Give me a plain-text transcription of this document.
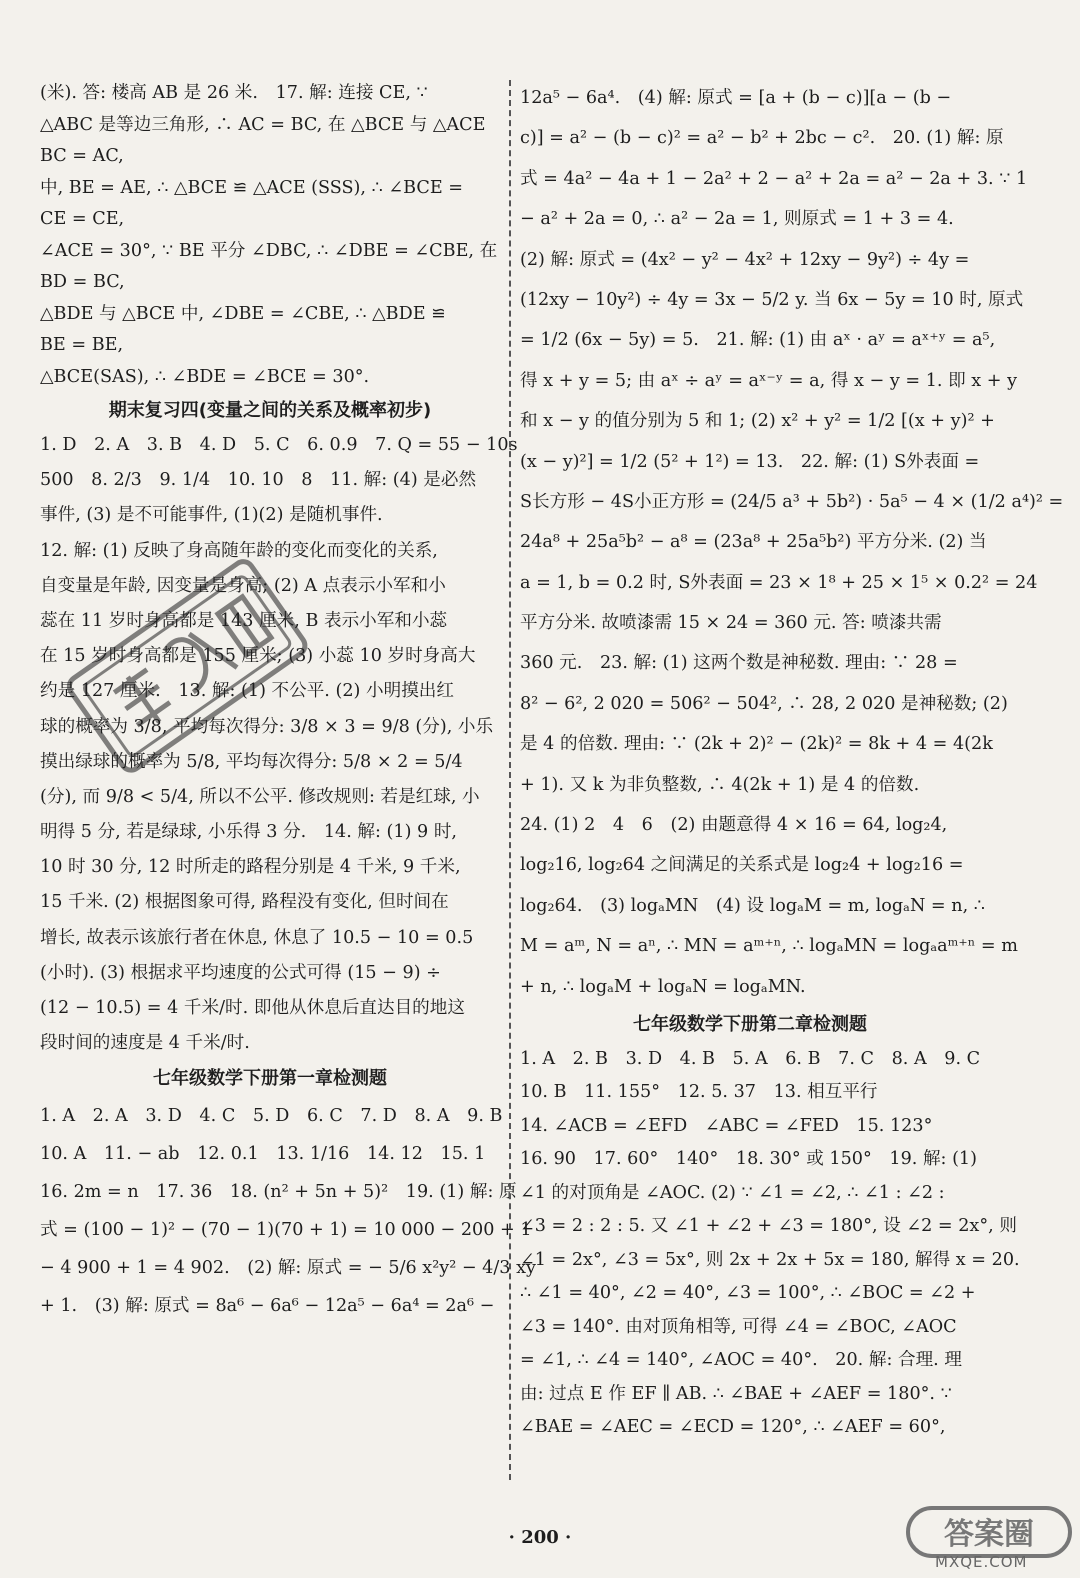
(米). 答: 楼高 AB 是 26 米.　17. 解: 连接 CE, ∵
△ABC 是等边三角形, ∴ AC = BC, 在 △BCE 与 △ACE
BC = AC,
中, BE = AE, ∴ △BCE ≌ △ACE (SSS), ∴ ∠BCE =
CE = CE,
∠ACE = 30°, ∵ BE 平分 ∠DBC, ∴ ∠DBE = ∠CBE, 在
BD = BC,
△BDE 与 △BCE 中, ∠DBE = ∠CBE, ∴ △BDE ≌
BE = BE,
△BCE(SAS), ∴ ∠BDE = ∠BCE = 30°.
期末复习四(变量之间的关系及概率初步)
1. D　2. A　3. B　4. D　5. C　6. 0.9　7. Q = 55 − 10s
500　8. 2/3　9. 1/4　10. 10　8　11. 解: (4) 是必然
事件, (3) 是不可能事件, (1)(2) 是随机事件.
12. 解: (1) 反映了身高随年龄的变化而变化的关系,
自变量是年龄, 因变量是身高; (2) A 点表示小军和小
蕊在 11 岁时身高都是 143 厘米, B 表示小军和小蕊
在 15 岁时身高都是 155 厘米; (3) 小蕊 10 岁时身高大
约是 127 厘米.　13. 解: (1) 不公平. (2) 小明摸出红
球的概率为 3/8, 平均每次得分: 3/8 × 3 = 9/8 (分), 小乐
摸出绿球的概率为 5/8, 平均每次得分: 5/8 × 2 = 5/4
(分), 而 9/8 < 5/4, 所以不公平. 修改规则: 若是红球, 小
明得 5 分, 若是绿球, 小乐得 3 分.　14. 解: (1) 9 时,
10 时 30 分, 12 时所走的路程分别是 4 千米, 9 千米,
15 千米. (2) 根据图象可得, 路程没有变化, 但时间在
增长, 故表示该旅行者在休息, 休息了 10.5 − 10 = 0.5
(小时). (3) 根据求平均速度的公式可得 (15 − 9) ÷
(12 − 10.5) = 4 千米/时. 即他从休息后直达目的地这
段时间的速度是 4 千米/时.
七年级数学下册第一章检测题
1. A　2. A　3. D　4. C　5. D　6. C　7. D　8. A　9. B
10. A　11. − ab　12. 0.1　13. 1/16　14. 12　15. 1
16. 2m = n　17. 36　18. (n² + 5n + 5)²　19. (1) 解: 原
式 = (100 − 1)² − (70 − 1)(70 + 1) = 10 000 − 200 + 1
− 4 900 + 1 = 4 902.　(2) 解: 原式 = − 5/6 x²y² − 4/3 xy
+ 1.　(3) 解: 原式 = 8a⁶ − 6a⁶ − 12a⁵ − 6a⁴ = 2a⁶ −
12a⁵ − 6a⁴.　(4) 解: 原式 = [a + (b − c)][a − (b −
c)] = a² − (b − c)² = a² − b² + 2bc − c².　20. (1) 解: 原
式 = 4a² − 4a + 1 − 2a² + 2 − a² + 2a = a² − 2a + 3. ∵ 1
− a² + 2a = 0, ∴ a² − 2a = 1, 则原式 = 1 + 3 = 4.
(2) 解: 原式 = (4x² − y² − 4x² + 12xy − 9y²) ÷ 4y =
(12xy − 10y²) ÷ 4y = 3x − 5/2 y. 当 6x − 5y = 10 时, 原式
= 1/2 (6x − 5y) = 5.　21. 解: (1) 由 aˣ · aʸ = aˣ⁺ʸ = a⁵,
得 x + y = 5; 由 aˣ ÷ aʸ = aˣ⁻ʸ = a, 得 x − y = 1. 即 x + y
和 x − y 的值分别为 5 和 1; (2) x² + y² = 1/2 [(x + y)² +
(x − y)²] = 1/2 (5² + 1²) = 13.　22. 解: (1) S外表面 =
S长方形 − 4S小正方形 = (24/5 a³ + 5b²) · 5a⁵ − 4 × (1/2 a⁴)² =
24a⁸ + 25a⁵b² − a⁸ = (23a⁸ + 25a⁵b²) 平方分米. (2) 当
a = 1, b = 0.2 时, S外表面 = 23 × 1⁸ + 25 × 1⁵ × 0.2² = 24
平方分米. 故喷漆需 15 × 24 = 360 元. 答: 喷漆共需
360 元.　23. 解: (1) 这两个数是神秘数. 理由: ∵ 28 =
8² − 6², 2 020 = 506² − 504², ∴ 28, 2 020 是神秘数; (2)
是 4 的倍数. 理由: ∵ (2k + 2)² − (2k)² = 8k + 4 = 4(2k
+ 1). 又 k 为非负整数, ∴ 4(2k + 1) 是 4 的倍数.
24. (1) 2　4　6　(2) 由题意得 4 × 16 = 64, log₂4,
log₂16, log₂64 之间满足的关系式是 log₂4 + log₂16 =
log₂64.　(3) logₐMN　(4) 设 logₐM = m, logₐN = n, ∴
M = aᵐ, N = aⁿ, ∴ MN = aᵐ⁺ⁿ, ∴ logₐMN = logₐaᵐ⁺ⁿ = m
+ n, ∴ logₐM + logₐN = logₐMN.
七年级数学下册第二章检测题
1. A　2. B　3. D　4. B　5. A　6. B　7. C　8. A　9. C
10. B　11. 155°　12. 5. 37　13. 相互平行
14. ∠ACB = ∠EFD　∠ABC = ∠FED　15. 123°
16. 90　17. 60°　140°　18. 30° 或 150°　19. 解: (1)
∠1 的对顶角是 ∠AOC. (2) ∵ ∠1 = ∠2, ∴ ∠1 : ∠2 :
∠3 = 2 : 2 : 5. 又 ∠1 + ∠2 + ∠3 = 180°, 设 ∠2 = 2x°, 则
∠1 = 2x°, ∠3 = 5x°, 则 2x + 2x + 5x = 180, 解得 x = 20.
∴ ∠1 = 40°, ∠2 = 40°, ∠3 = 100°, ∴ ∠BOC = ∠2 +
∠3 = 140°. 由对顶角相等, 可得 ∠4 = ∠BOC, ∠AOC
= ∠1, ∴ ∠4 = 140°, ∠AOC = 40°.　20. 解: 合理. 理
由: 过点 E 作 EF ∥ AB. ∴ ∠BAE + ∠AEF = 180°. ∵
∠BAE = ∠AEC = ∠ECD = 120°, ∴ ∠AEF = 60°,
· 200 ·	答案圈
MXQE.COM
